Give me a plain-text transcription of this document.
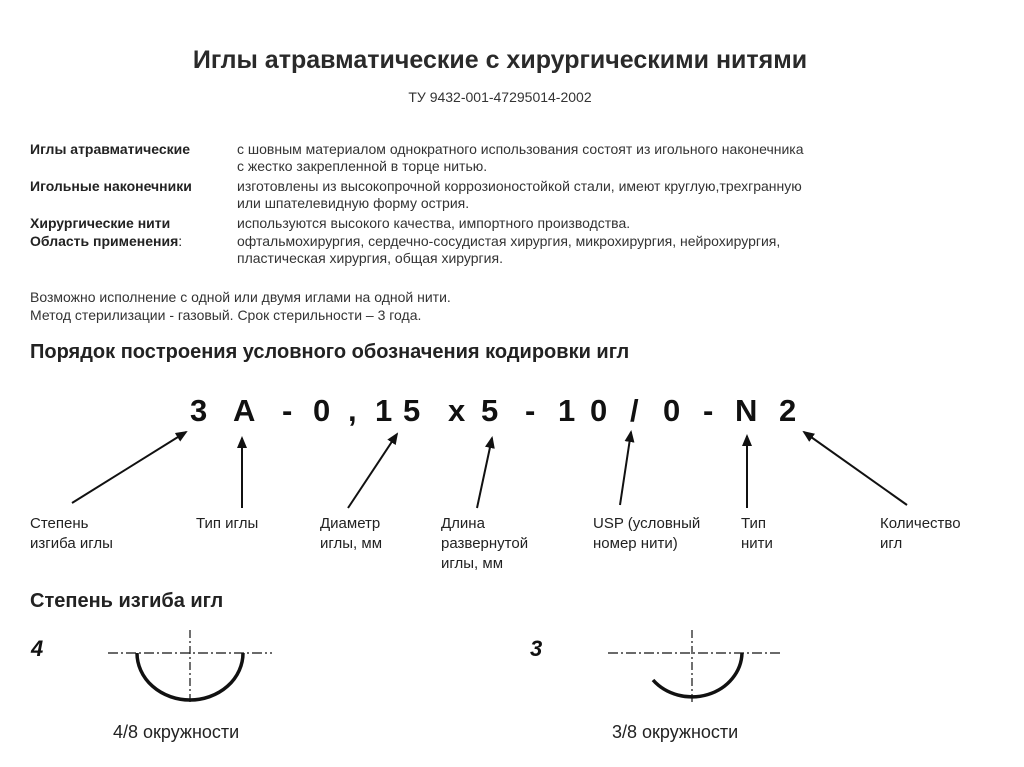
Иглы атравматические с хирургическими нитями
ТУ 9432-001-47295014-2002
Иглы атравматические	с шовным материалом однократного использования состоят из игольного наконечника
с жестко закрепленной в торце нитью.
Игольные наконечники	изготовлены из высокопрочной коррозионостойкой стали, имеют круглую,трехгранную
или шпателевидную форму острия.
Хирургические нити	используются высокого качества, импортного производства.
Область применения:	офтальмохирургия, сердечно-сосудистая хирургия, микрохирургия, нейрохирургия,
пластическая хирургия, общая хирургия.
Возможно исполнение с одной или двумя иглами на одной нити.
Метод стерилизации - газовый. Срок стерильности – 3 года.
Порядок построения условного обозначения кодировки игл
3 A - 0 , 1 5 x 5 - 1 0 / 0 - N 2
Степень изгиба иглы
Тип иглы	Диаметр иглы, мм
Длина развернутой иглы, мм
USP (условный номер нити)
Тип нити
Количество игл
Степень изгиба игл
4	3
4/8 окружности	3/8 окружности
